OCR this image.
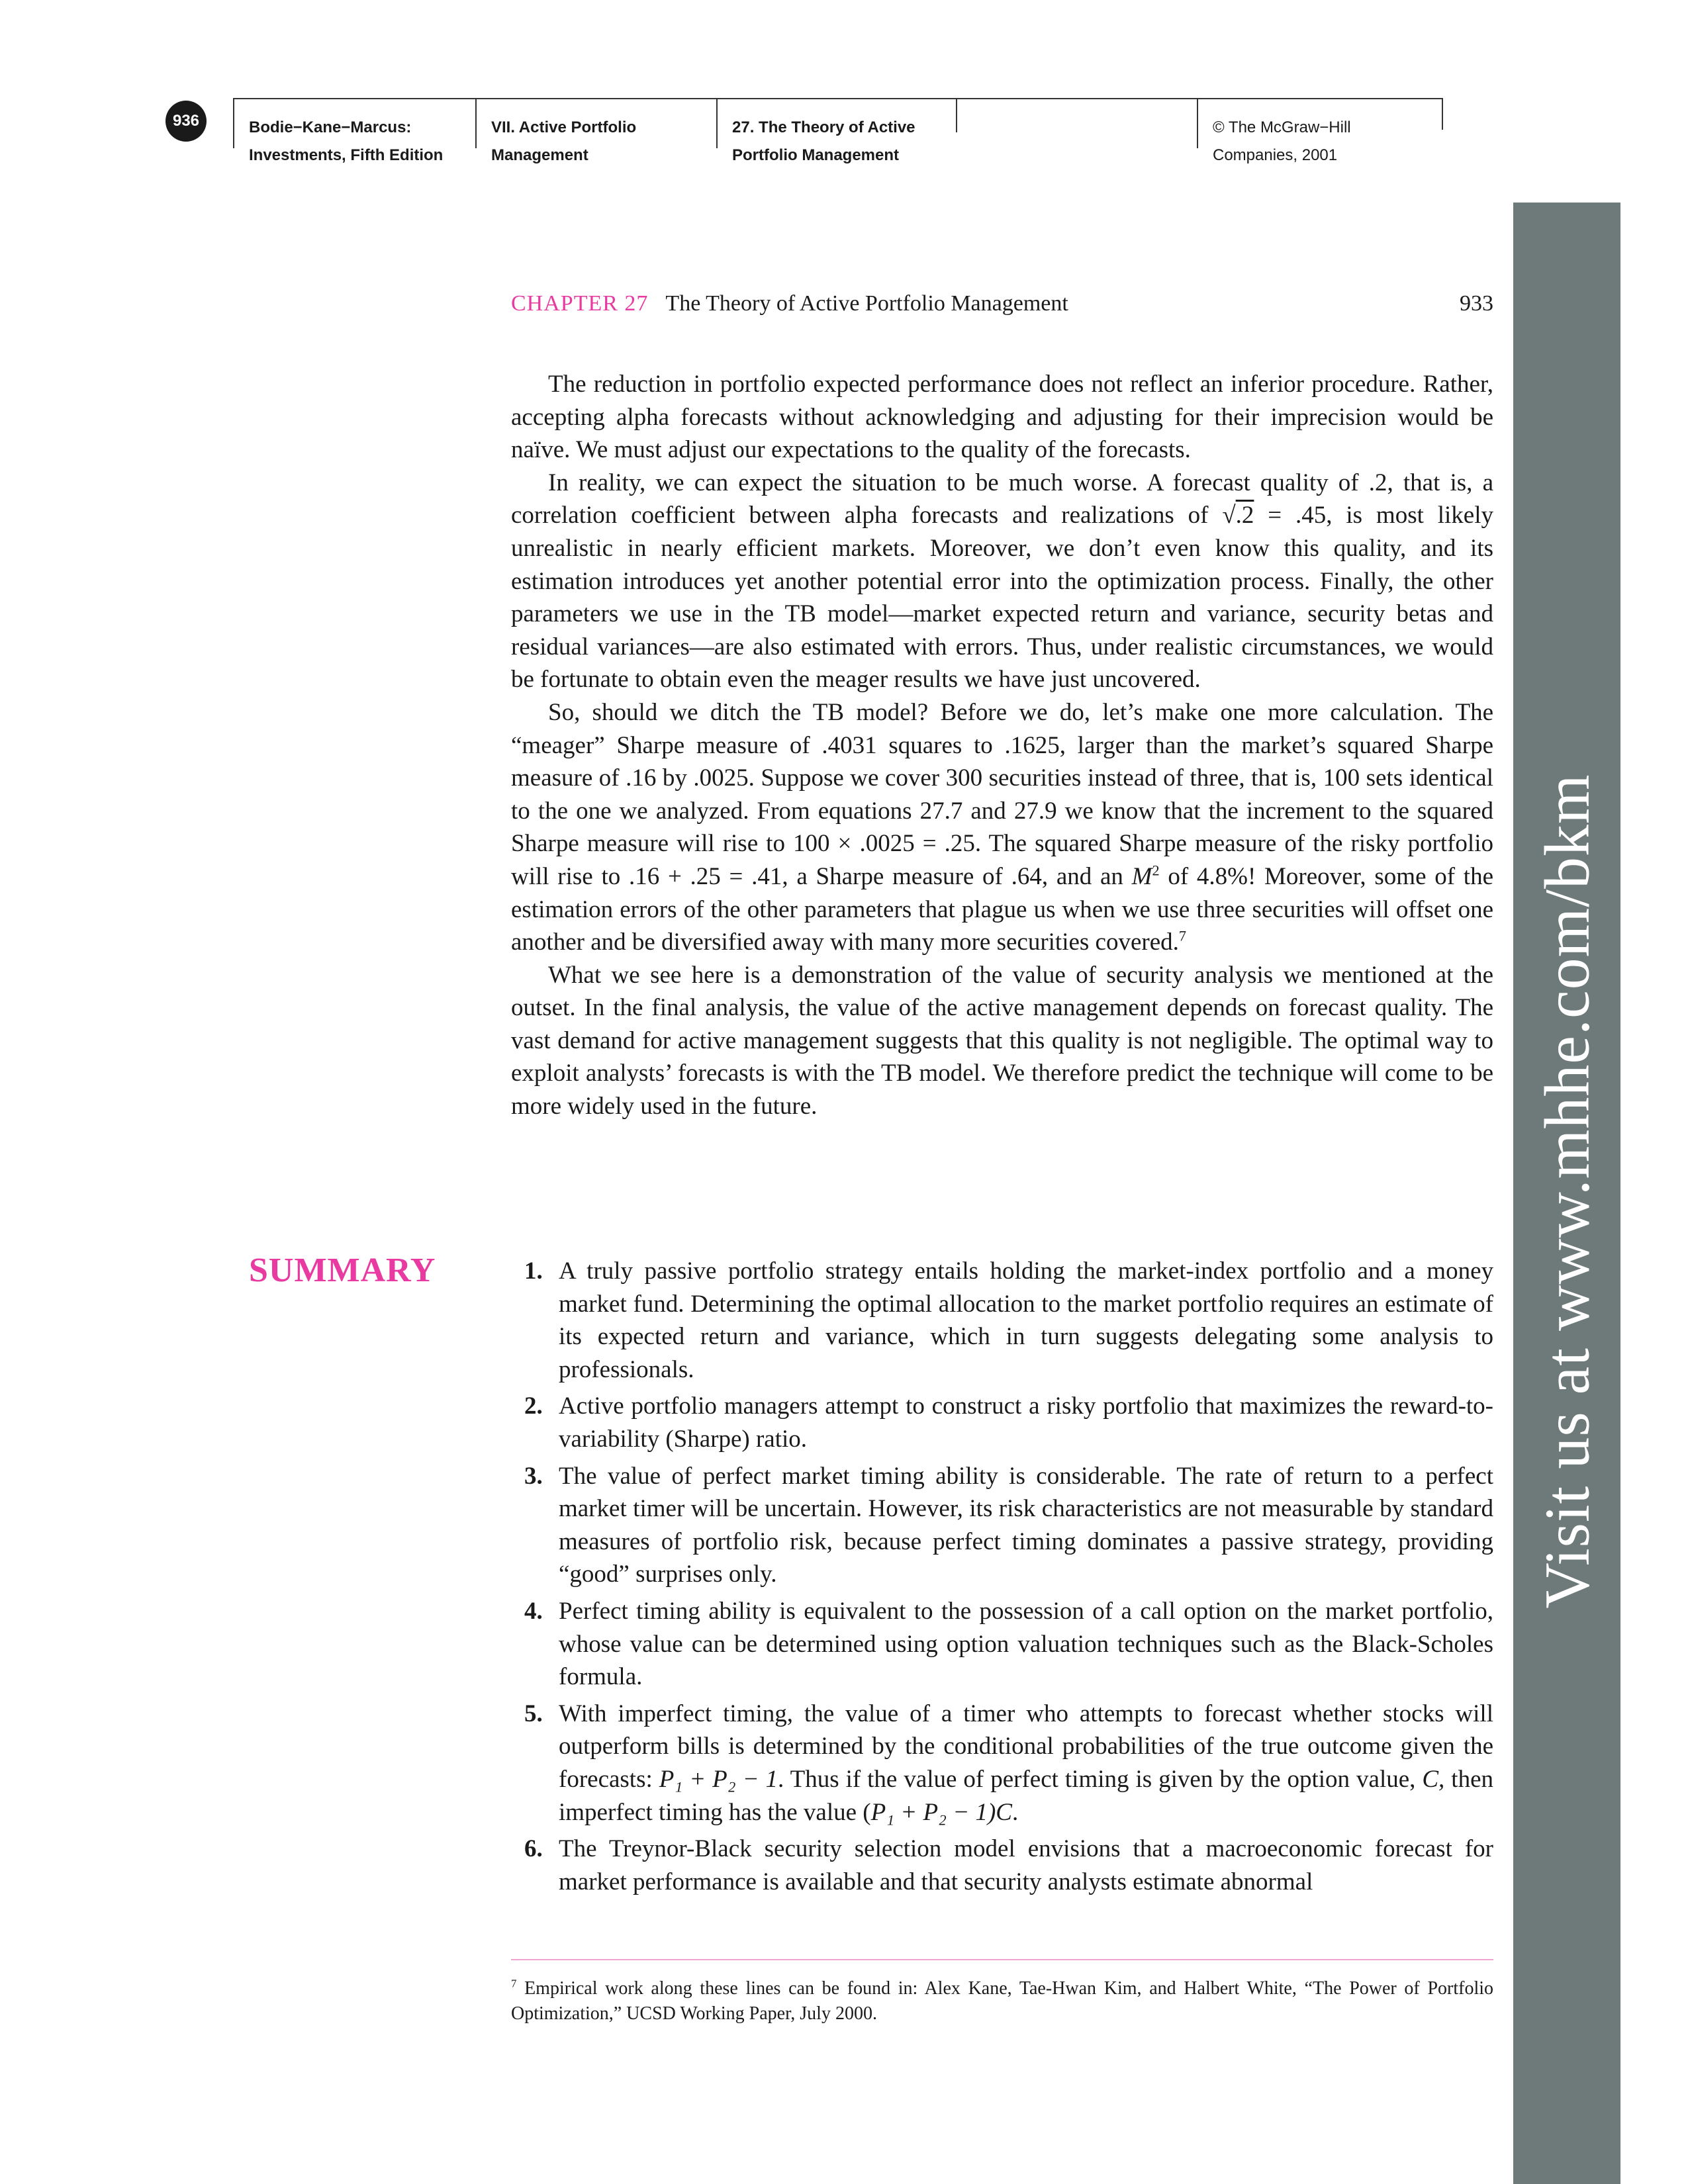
936	Bodie−Kane−Marcus:
Investments, Fifth Edition
VII. Active Portfolio
Management
27. The Theory of Active
Portfolio Management
© The McGraw−Hill
Companies, 2001
Visit us at www.mhhe.com/bkm
CHAPTER 27 The Theory of Active Portfolio Management	933

The reduction in portfolio expected performance does not reflect an inferior procedure. Rather, accepting alpha forecasts without acknowledging and adjusting for their imprecision would be naïve. We must adjust our expectations to the quality of the forecasts.

In reality, we can expect the situation to be much worse. A forecast quality of .2, that is, a correlation coefficient between alpha forecasts and realizations of √.2 = .45, is most likely unrealistic in nearly efficient markets. Moreover, we don’t even know this quality, and its estimation introduces yet another potential error into the optimization process. Finally, the other parameters we use in the TB model—market expected return and variance, security betas and residual variances—are also estimated with errors. Thus, under realistic circumstances, we would be fortunate to obtain even the meager results we have just uncovered.

So, should we ditch the TB model? Before we do, let’s make one more calculation. The “meager” Sharpe measure of .4031 squares to .1625, larger than the market’s squared Sharpe measure of .16 by .0025. Suppose we cover 300 securities instead of three, that is, 100 sets identical to the one we analyzed. From equations 27.7 and 27.9 we know that the increment to the squared Sharpe measure will rise to 100 × .0025 = .25. The squared Sharpe measure of the risky portfolio will rise to .16 + .25 = .41, a Sharpe measure of .64, and an $M^2$ of 4.8%! Moreover, some of the estimation errors of the other parameters that plague us when we use three securities will offset one another and be diversified away with many more securities covered.$^7$

What we see here is a demonstration of the value of security analysis we mentioned at the outset. In the final analysis, the value of the active management depends on forecast quality. The vast demand for active management suggests that this quality is not negligible. The optimal way to exploit analysts’ forecasts is with the TB model. We therefore predict the technique will come to be more widely used in the future.

SUMMARY	1. A truly passive portfolio strategy entails holding the market-index portfolio and a money market fund. Determining the optimal allocation to the market portfolio requires an estimate of its expected return and variance, which in turn suggests delegating some analysis to professionals.
2. Active portfolio managers attempt to construct a risky portfolio that maximizes the reward-to-variability (Sharpe) ratio.
3. The value of perfect market timing ability is considerable. The rate of return to a perfect market timer will be uncertain. However, its risk characteristics are not measurable by standard measures of portfolio risk, because perfect timing dominates a passive strategy, providing “good” surprises only.
4. Perfect timing ability is equivalent to the possession of a call option on the market portfolio, whose value can be determined using option valuation techniques such as the Black-Scholes formula.
5. With imperfect timing, the value of a timer who attempts to forecast whether stocks will outperform bills is determined by the conditional probabilities of the true outcome given the forecasts: P₁ + P₂ − 1. Thus if the value of perfect timing is given by the option value, C, then imperfect timing has the value (P₁ + P₂ − 1)C.
6. The Treynor-Black security selection model envisions that a macroeconomic forecast for market performance is available and that security analysts estimate abnormal
$^7$ Empirical work along these lines can be found in: Alex Kane, Tae-Hwan Kim, and Halbert White, “The Power of Portfolio Optimization,” UCSD Working Paper, July 2000.
